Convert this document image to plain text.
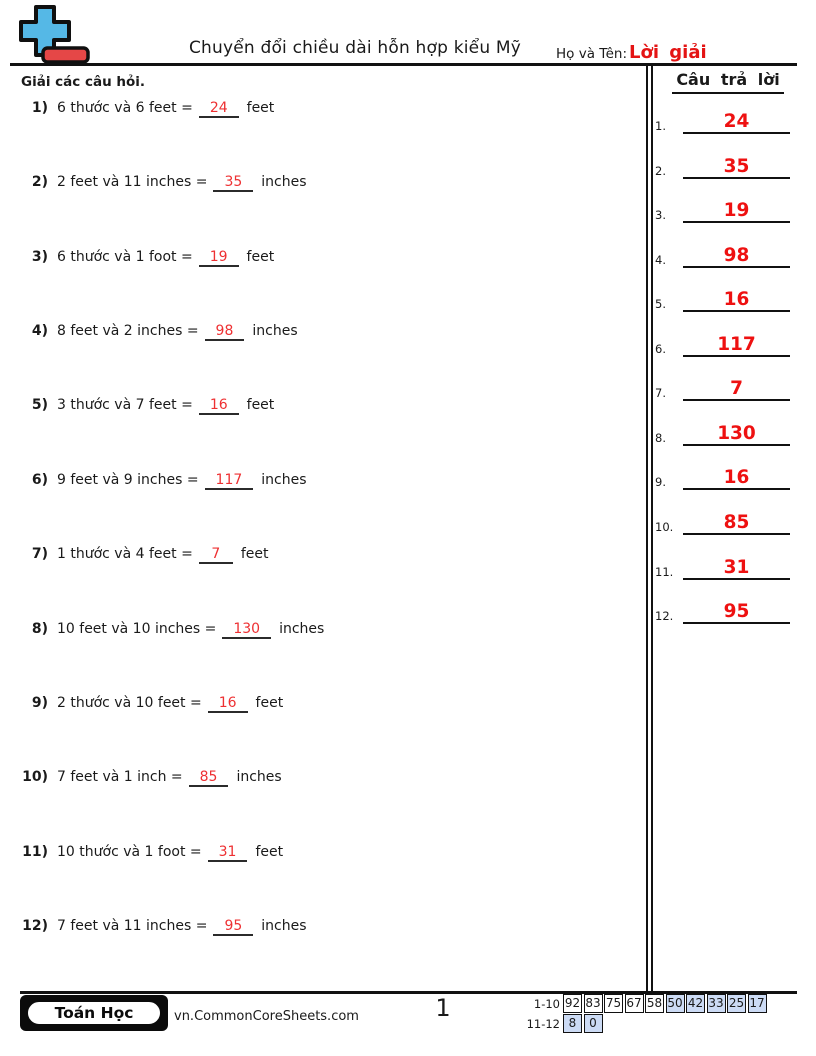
Chuyển đổi chiều dài hỗn hợp kiểu Mỹ	Họ và Tên: Lời giải
Giải các câu hỏi.	Câu trả lời
1) 6 thước và 6 feet = 24 feet
2) 2 feet và 11 inches = 35 inches
3) 6 thước và 1 foot = 19 feet
4) 8 feet và 2 inches = 98 inches
5) 3 thước và 7 feet = 16 feet
6) 9 feet và 9 inches = 117 inches
7) 1 thước và 4 feet = 7 feet
8) 10 feet và 10 inches = 130 inches
9) 2 thước và 10 feet = 16 feet
10) 7 feet và 1 inch = 85 inches
11) 10 thước và 1 foot = 31 feet
12) 7 feet và 11 inches = 95 inches
1.	24
2.	35
3.	19
4.	98
5.	16
6.	117
7.	7
8.	130
9.	16
10.	85
11.	31
12.	95
Toán Học	vn.CommonCoreSheets.com	1	1-10 92 83 75 67 58 50 42 33 25 17
11-12 8	0
